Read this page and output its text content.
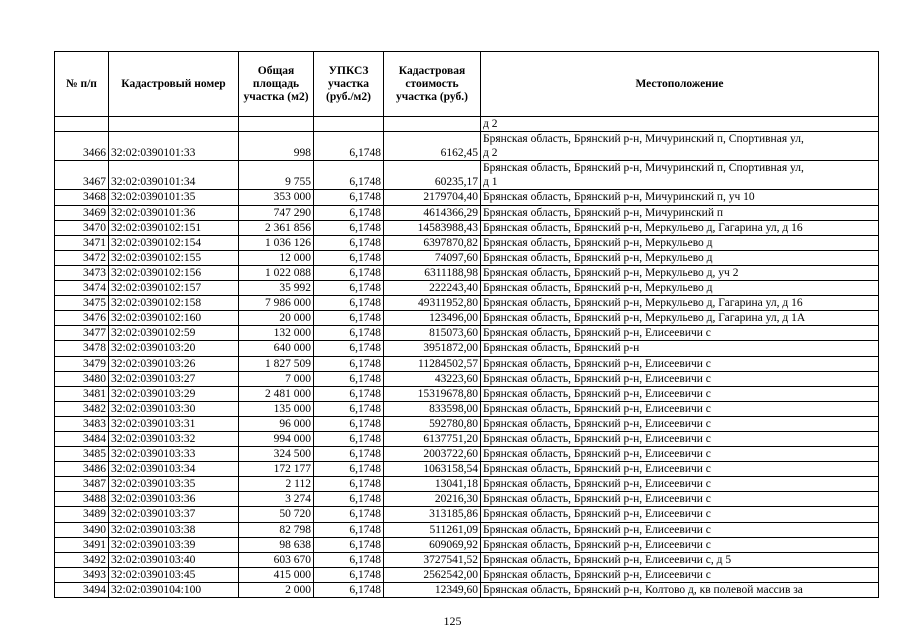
№ п/п	Кадастровый номер	Общая площадь участка (м2)	УПКСЗ участка (руб./м2)	Кадастровая стоимость участка (руб.)	Местоположение
					д 2
3466	32:02:0390101:33	998	6,1748	6162,45	Брянская область, Брянский р-н, Мичуринский п, Спортивная ул,
д 2

3467	32:02:0390101:34	9 755	6,1748	60235,17	Брянская область, Брянский р-н, Мичуринский п, Спортивная ул,
д 1

3468	32:02:0390101:35	353 000	6,1748	2179704,40	Брянская область, Брянский р-н, Мичуринский п, уч 10

3469	32:02:0390101:36	747 290	6,1748	4614366,29	Брянская область, Брянский р-н, Мичуринский п

3470	32:02:0390102:151	2 361 856	6,1748	14583988,43	Брянская область, Брянский р-н, Меркульево д, Гагарина ул, д 16

3471	32:02:0390102:154	1 036 126	6,1748	6397870,82	Брянская область, Брянский р-н, Меркульево д

3472	32:02:0390102:155	12 000	6,1748	74097,60	Брянская область, Брянский р-н, Меркульево д

3473	32:02:0390102:156	1 022 088	6,1748	6311188,98	Брянская область, Брянский р-н, Меркульево д, уч 2

3474	32:02:0390102:157	35 992	6,1748	222243,40	Брянская область, Брянский р-н, Меркульево д

3475	32:02:0390102:158	7 986 000	6,1748	49311952,80	Брянская область, Брянский р-н, Меркульево д, Гагарина ул, д 16

3476	32:02:0390102:160	20 000	6,1748	123496,00	Брянская область, Брянский р-н, Меркульево д, Гагарина ул, д 1А

3477	32:02:0390102:59	132 000	6,1748	815073,60	Брянская область, Брянский р-н, Елисеевичи с

3478	32:02:0390103:20	640 000	6,1748	3951872,00	Брянская область, Брянский р-н

3479	32:02:0390103:26	1 827 509	6,1748	11284502,57	Брянская область, Брянский р-н, Елисеевичи с

3480	32:02:0390103:27	7 000	6,1748	43223,60	Брянская область, Брянский р-н, Елисеевичи с

3481	32:02:0390103:29	2 481 000	6,1748	15319678,80	Брянская область, Брянский р-н, Елисеевичи с

3482	32:02:0390103:30	135 000	6,1748	833598,00	Брянская область, Брянский р-н, Елисеевичи с

3483	32:02:0390103:31	96 000	6,1748	592780,80	Брянская область, Брянский р-н, Елисеевичи с

3484	32:02:0390103:32	994 000	6,1748	6137751,20	Брянская область, Брянский р-н, Елисеевичи с

3485	32:02:0390103:33	324 500	6,1748	2003722,60	Брянская область, Брянский р-н, Елисеевичи с

3486	32:02:0390103:34	172 177	6,1748	1063158,54	Брянская область, Брянский р-н, Елисеевичи с

3487	32:02:0390103:35	2 112	6,1748	13041,18	Брянская область, Брянский р-н, Елисеевичи с

3488	32:02:0390103:36	3 274	6,1748	20216,30	Брянская область, Брянский р-н, Елисеевичи с

3489	32:02:0390103:37	50 720	6,1748	313185,86	Брянская область, Брянский р-н, Елисеевичи с

3490	32:02:0390103:38	82 798	6,1748	511261,09	Брянская область, Брянский р-н, Елисеевичи с

3491	32:02:0390103:39	98 638	6,1748	609069,92	Брянская область, Брянский р-н, Елисеевичи с

3492	32:02:0390103:40	603 670	6,1748	3727541,52	Брянская область, Брянский р-н, Елисеевичи с, д 5

3493	32:02:0390103:45	415 000	6,1748	2562542,00	Брянская область, Брянский р-н, Елисеевичи с

3494	32:02:0390104:100	2 000	6,1748	12349,60	Брянская область, Брянский р-н, Колтово д, кв полевой массив за
125
